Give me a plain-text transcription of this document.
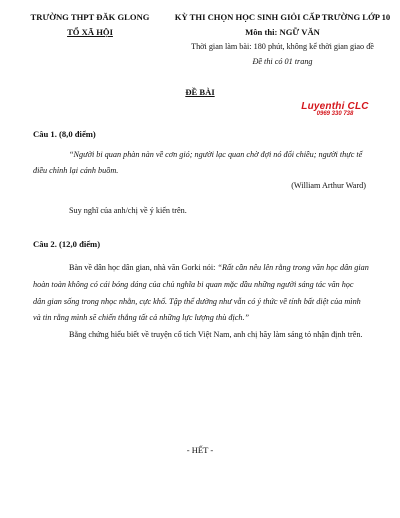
TRƯỜNG THPT ĐĂK GLONG
TỔ XÃ HỘI
KỲ THI CHỌN HỌC SINH GIỎI CẤP TRƯỜNG LỚP 10
Môn thi: NGỮ VĂN
Thời gian làm bài: 180 phút, không kể thời gian giao đề
Đề thi có 01 trang
ĐỀ BÀI
Luyenthi CLC
0969 330 738
Câu 1. (8,0 điểm)
“Người bi quan phàn nàn về cơn gió; người lạc quan chờ đợi nó đổi chiều; người thực tế
điều chỉnh lại cánh buồm.
(William Arthur Ward)
Suy nghĩ của anh/chị về ý kiến trên.
Câu 2. (12,0 điểm)
Bàn về dân học dân gian, nhà văn Gorki nói: “Rất cần nêu lên rằng trong văn học dân gian
hoàn toàn không có cái bóng dáng của chủ nghĩa bi quan mặc dầu những người sáng tác văn học
dân gian sống trong nhọc nhằn, cực khổ. Tập thể dường như vẫn có ý thức về tính bất diệt của mình
và tin rằng mình sẽ chiến thắng tất cả những lực lượng thù địch.”
Bằng chứng hiểu biết về truyện cổ tích Việt Nam, anh chị hãy làm sáng tỏ nhận định trên.
- HẾT -
